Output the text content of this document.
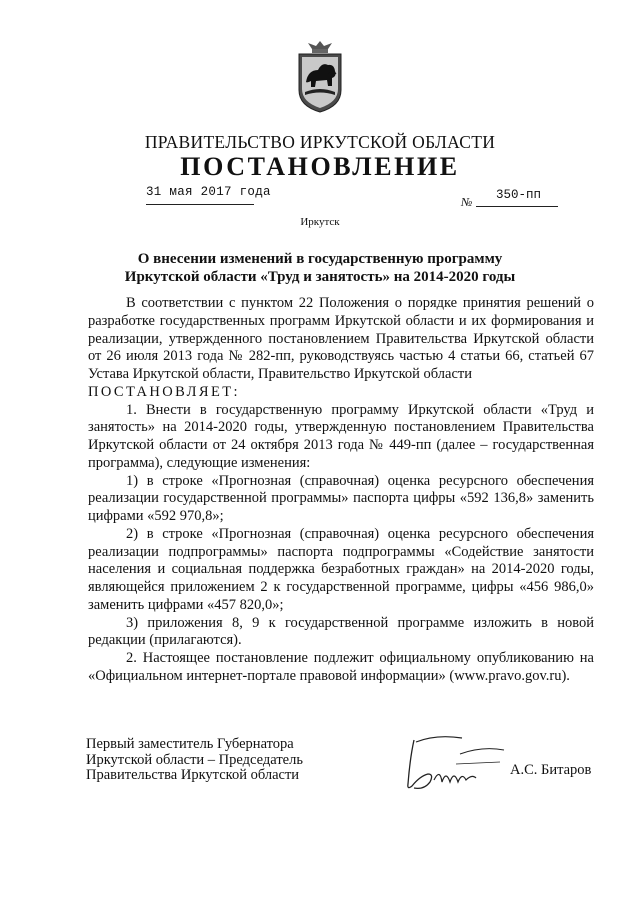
ПРАВИТЕЛЬСТВО ИРКУТСКОЙ ОБЛАСТИ
ПОСТАНОВЛЕНИЕ
31 мая 2017 года
№ 350-пп
Иркутск
О внесении изменений в государственную программу
Иркутской области «Труд и занятость» на 2014-2020 годы

В соответствии с пунктом 22 Положения о порядке принятия решений о разработке государственных программ Иркутской области и их формирования и реализации, утвержденного постановлением Правительства Иркутской области от 26 июля 2013 года № 282-пп, руководствуясь частью 4 статьи 66, статьей 67 Устава Иркутской области, Правительство Иркутской области

ПОСТАНОВЛЯЕТ:

1. Внести в государственную программу Иркутской области «Труд и занятость» на 2014-2020 годы, утвержденную постановлением Правительства Иркутской области от 24 октября 2013 года № 449-пп (далее – государственная программа), следующие изменения:

1) в строке «Прогнозная (справочная) оценка ресурсного обеспечения реализации государственной программы» паспорта цифры «592 136,8» заменить цифрами «592 970,8»;

2) в строке «Прогнозная (справочная) оценка ресурсного обеспечения реализации подпрограммы» паспорта подпрограммы «Содействие занятости населения и социальная поддержка безработных граждан» на 2014-2020 годы, являющейся приложением 2 к государственной программе, цифры «456 986,0» заменить цифрами «457 820,0»;

3) приложения 8, 9 к государственной программе изложить в новой редакции (прилагаются).

2. Настоящее постановление подлежит официальному опубликованию на «Официальном интернет-портале правовой информации» (www.pravo.gov.ru).

Первый заместитель Губернатора
Иркутской области – Председатель
Правительства Иркутской области	А.С. Битаров
